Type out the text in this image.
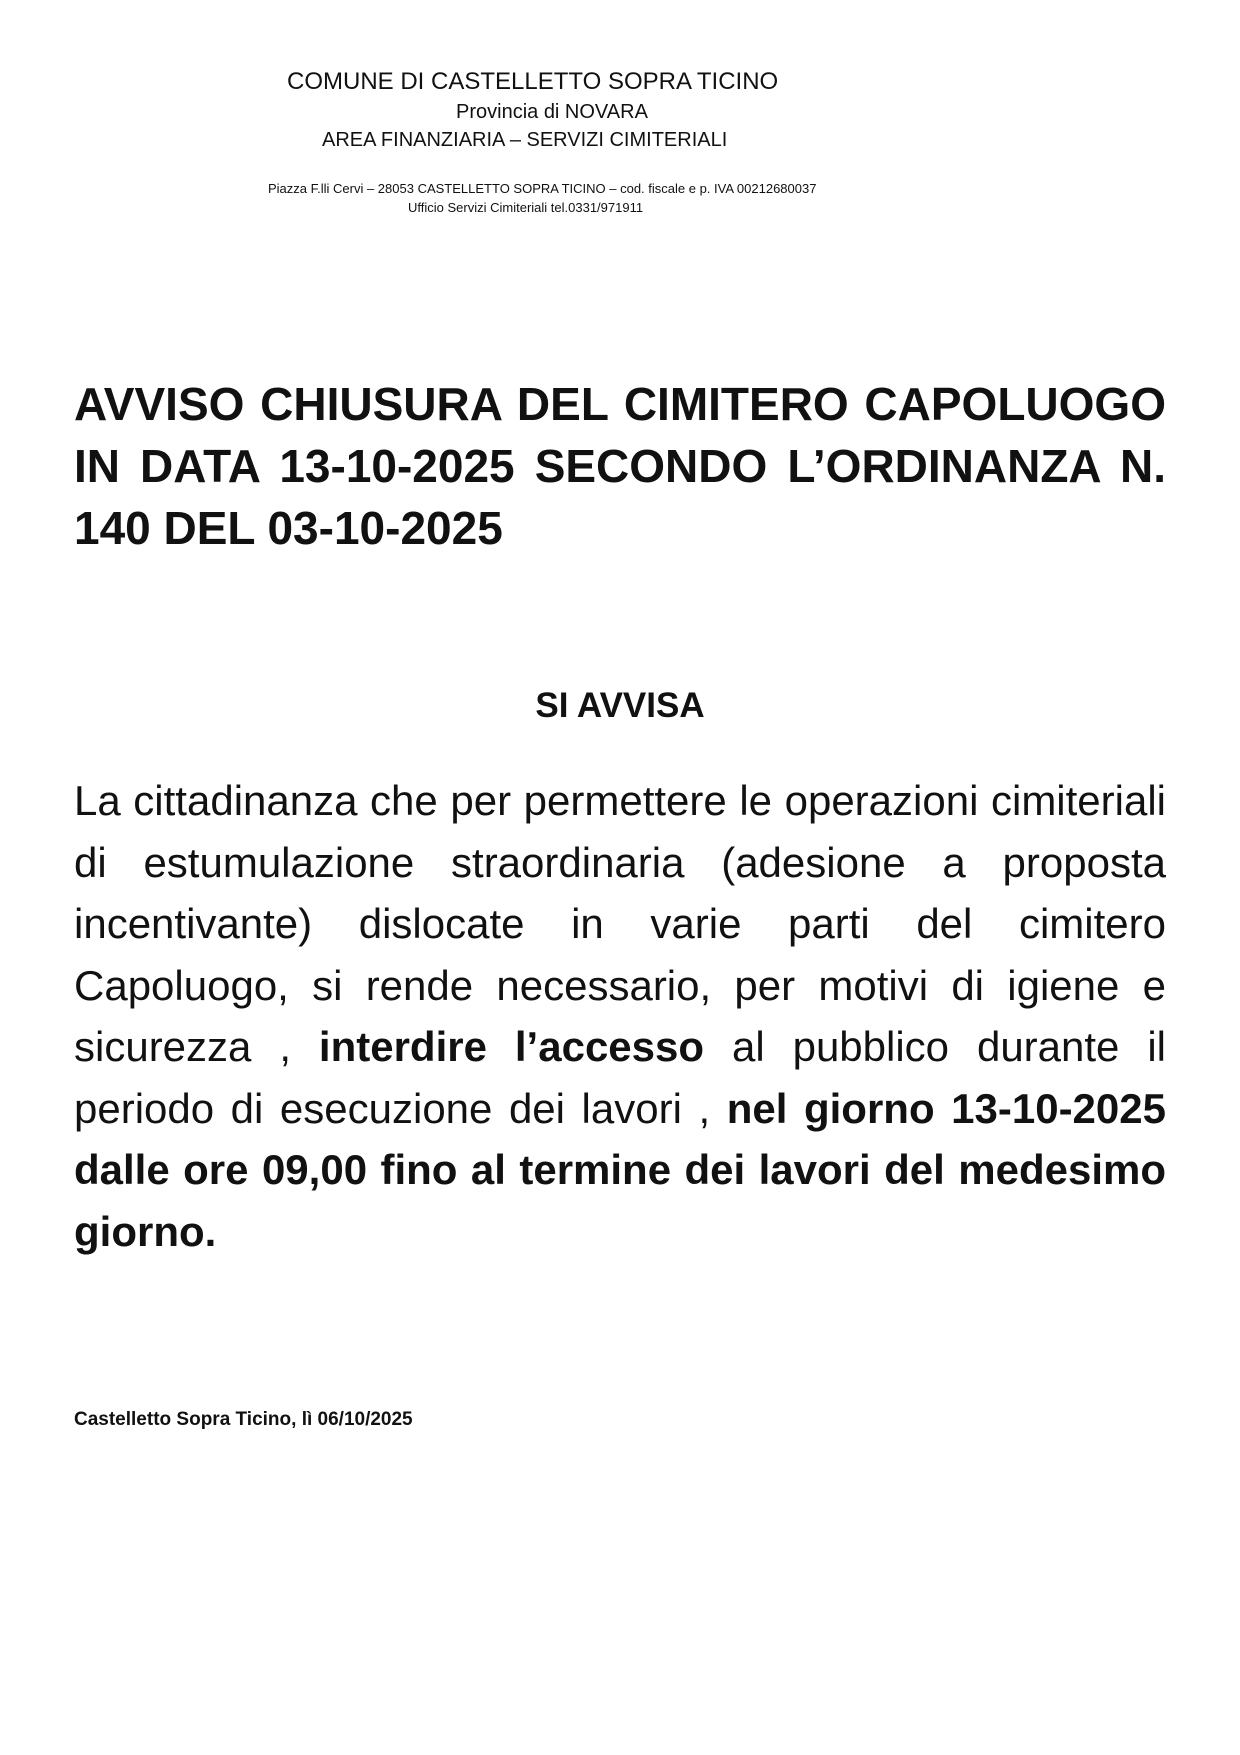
COMUNE DI CASTELLETTO SOPRA TICINO
Provincia di NOVARA
AREA FINANZIARIA – SERVIZI CIMITERIALI
Piazza F.lli Cervi – 28053 CASTELLETTO SOPRA TICINO – cod. fiscale e p. IVA 00212680037
Ufficio Servizi Cimiteriali tel.0331/971911
AVVISO CHIUSURA DEL CIMITERO CAPOLUOGO IN DATA 13-10-2025 SECONDO L’ORDINANZA N. 140 DEL 03-10-2025
SI AVVISA

La cittadinanza che per permettere le operazioni cimiteriali di estumulazione straordinaria (adesione a proposta incentivante) dislocate in varie parti del cimitero Capoluogo, si rende necessario, per motivi di igiene e sicurezza , interdire l’accesso al pubblico durante il periodo di esecuzione dei lavori , nel giorno 13-10-2025 dalle ore 09,00 fino al termine dei lavori del medesimo giorno.

Castelletto Sopra Ticino, lì 06/10/2025
